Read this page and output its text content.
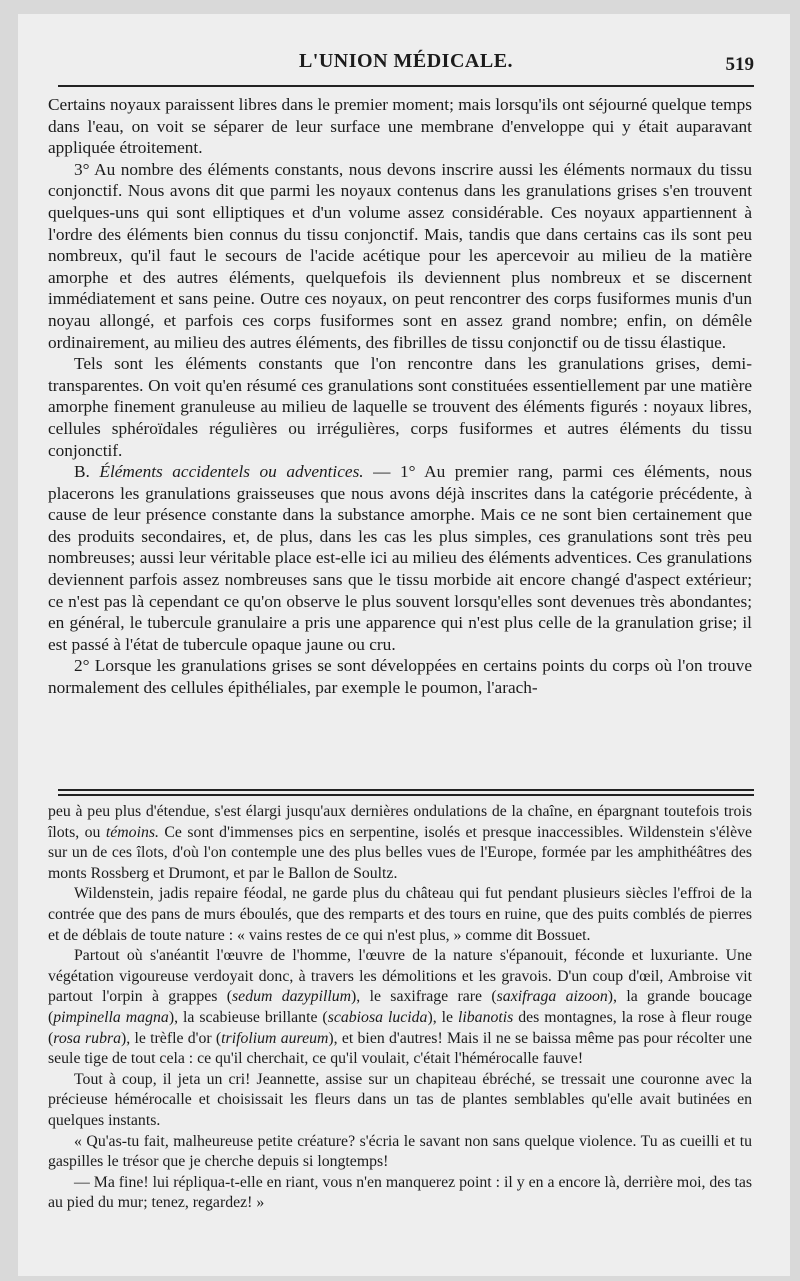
L'UNION MÉDICALE.	519

Certains noyaux paraissent libres dans le premier moment; mais lorsqu'ils ont séjourné quelque temps dans l'eau, on voit se séparer de leur surface une membrane d'enveloppe qui y était auparavant appliquée étroitement.

3° Au nombre des éléments constants, nous devons inscrire aussi les éléments normaux du tissu conjonctif. Nous avons dit que parmi les noyaux contenus dans les granulations grises s'en trouvent quelques-uns qui sont elliptiques et d'un volume assez considérable. Ces noyaux appartiennent à l'ordre des éléments bien connus du tissu conjonctif. Mais, tandis que dans certains cas ils sont peu nombreux, qu'il faut le secours de l'acide acétique pour les apercevoir au milieu de la matière amorphe et des autres éléments, quelquefois ils deviennent plus nombreux et se discernent immédiatement et sans peine. Outre ces noyaux, on peut rencontrer des corps fusiformes munis d'un noyau allongé, et parfois ces corps fusiformes sont en assez grand nombre; enfin, on démêle ordinairement, au milieu des autres éléments, des fibrilles de tissu conjonctif ou de tissu élastique.

Tels sont les éléments constants que l'on rencontre dans les granulations grises, demi-transparentes. On voit qu'en résumé ces granulations sont constituées essentiellement par une matière amorphe finement granuleuse au milieu de laquelle se trouvent des éléments figurés : noyaux libres, cellules sphéroïdales régulières ou irrégulières, corps fusiformes et autres éléments du tissu conjonctif.

B. Éléments accidentels ou adventices. — 1° Au premier rang, parmi ces éléments, nous placerons les granulations graisseuses que nous avons déjà inscrites dans la catégorie précédente, à cause de leur présence constante dans la substance amorphe. Mais ce ne sont bien certainement que des produits secondaires, et, de plus, dans les cas les plus simples, ces granulations sont très peu nombreuses; aussi leur véritable place est-elle ici au milieu des éléments adventices. Ces granulations deviennent parfois assez nombreuses sans que le tissu morbide ait encore changé d'aspect extérieur; ce n'est pas là cependant ce qu'on observe le plus souvent lorsqu'elles sont devenues très abondantes; en général, le tubercule granulaire a pris une apparence qui n'est plus celle de la granulation grise; il est passé à l'état de tubercule opaque jaune ou cru.

2° Lorsque les granulations grises se sont développées en certains points du corps où l'on trouve normalement des cellules épithéliales, par exemple le poumon, l'arach-

peu à peu plus d'étendue, s'est élargi jusqu'aux dernières ondulations de la chaîne, en épargnant toutefois trois îlots, ou témoins. Ce sont d'immenses pics en serpentine, isolés et presque inaccessibles. Wildenstein s'élève sur un de ces îlots, d'où l'on contemple une des plus belles vues de l'Europe, formée par les amphithéâtres des monts Rossberg et Drumont, et par le Ballon de Soultz.

Wildenstein, jadis repaire féodal, ne garde plus du château qui fut pendant plusieurs siècles l'effroi de la contrée que des pans de murs éboulés, que des remparts et des tours en ruine, que des puits comblés de pierres et de déblais de toute nature : « vains restes de ce qui n'est plus, » comme dit Bossuet.

Partout où s'anéantit l'œuvre de l'homme, l'œuvre de la nature s'épanouit, féconde et luxuriante. Une végétation vigoureuse verdoyait donc, à travers les démolitions et les gravois. D'un coup d'œil, Ambroise vit partout l'orpin à grappes (sedum dazypillum), le saxifrage rare (saxifraga aizoon), la grande boucage (pimpinella magna), la scabieuse brillante (scabiosa lucida), le libanotis des montagnes, la rose à fleur rouge (rosa rubra), le trèfle d'or (trifolium aureum), et bien d'autres! Mais il ne se baissa même pas pour récolter une seule tige de tout cela : ce qu'il cherchait, ce qu'il voulait, c'était l'hémérocalle fauve!

Tout à coup, il jeta un cri! Jeannette, assise sur un chapiteau ébréché, se tressait une couronne avec la précieuse hémérocalle et choisissait les fleurs dans un tas de plantes semblables qu'elle avait butinées en quelques instants.

« Qu'as-tu fait, malheureuse petite créature? s'écria le savant non sans quelque violence. Tu as cueilli et tu gaspilles le trésor que je cherche depuis si longtemps!

— Ma fine! lui répliqua-t-elle en riant, vous n'en manquerez point : il y en a encore là, derrière moi, des tas au pied du mur; tenez, regardez! »
